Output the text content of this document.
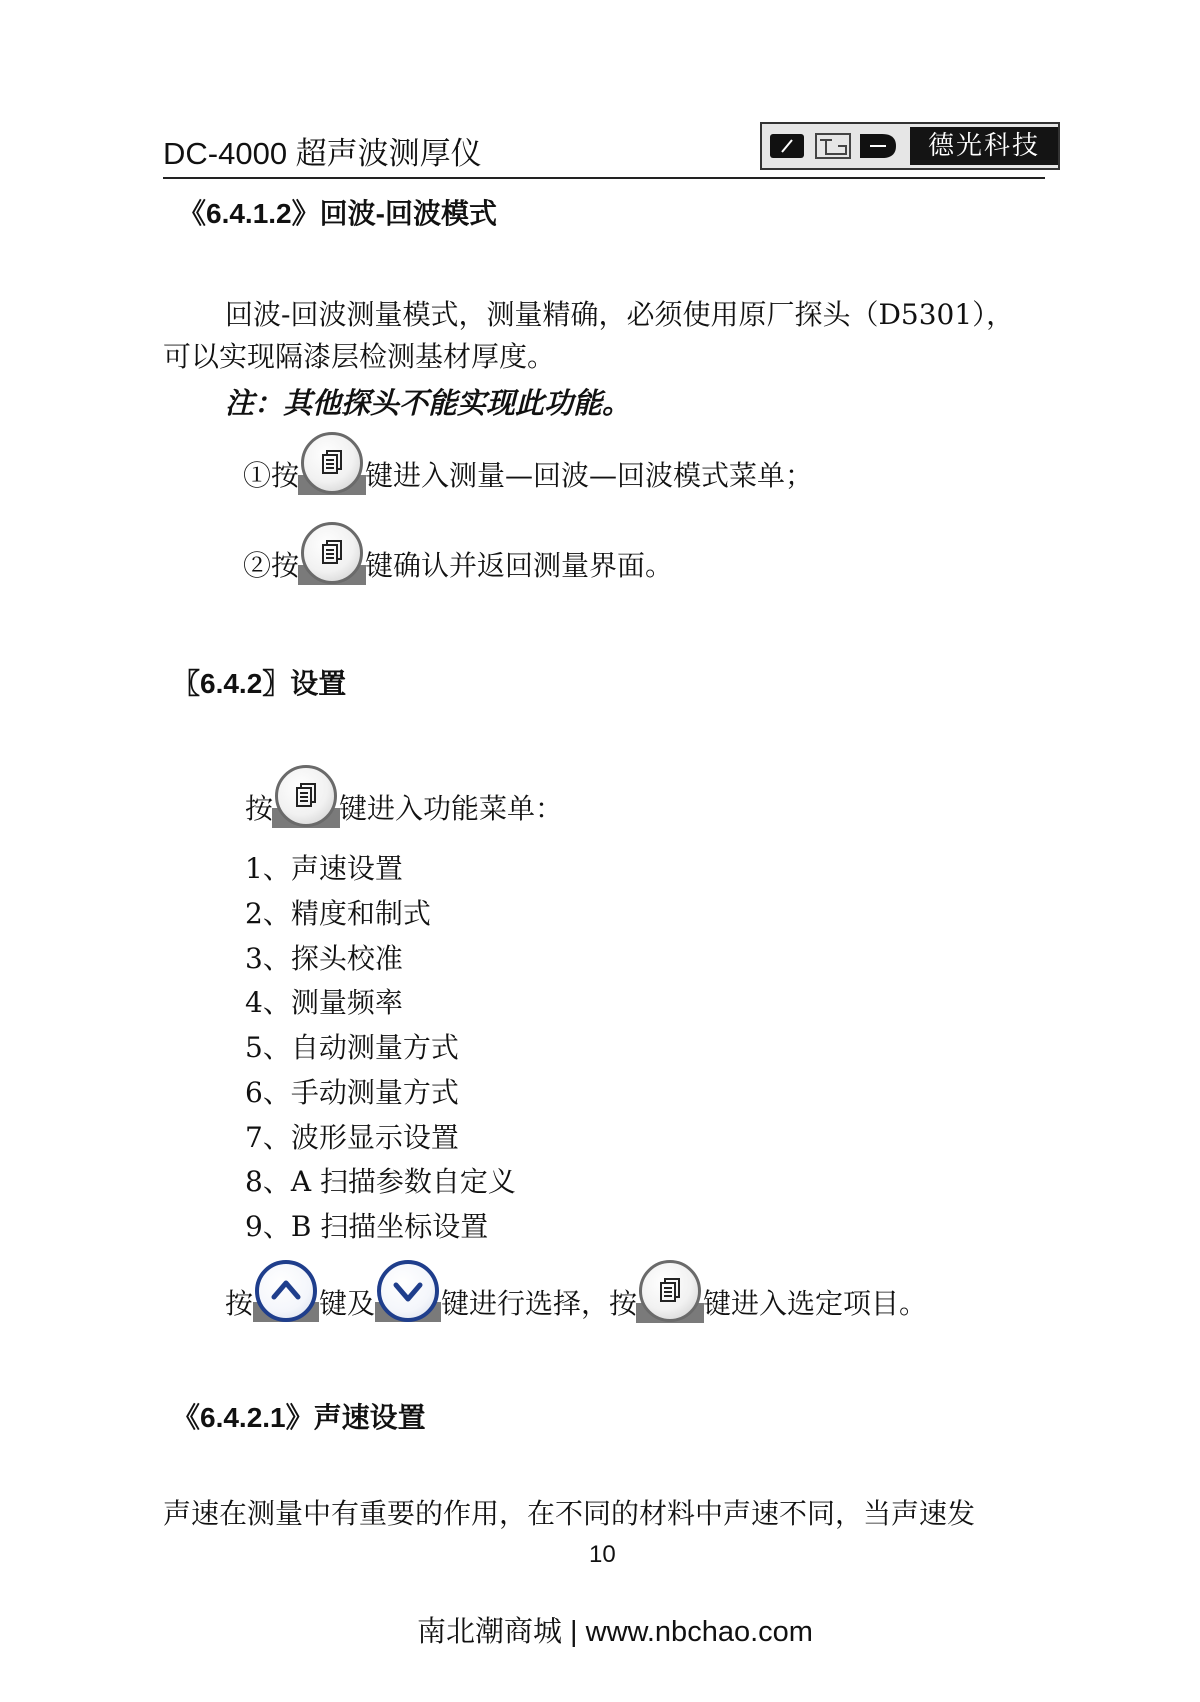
DC-4000 超声波测厚仪	德光科技
《6.4.1.2》回波-回波模式
回波-回波测量模式，测量精确，必须使用原厂探头（D5301），
可以实现隔漆层检测基材厚度。
注：其他探头不能实现此功能。
①按 键进入测量—回波—回波模式菜单；
②按 键确认并返回测量界面。
〖6.4.2〗设置
按 键进入功能菜单：
1、声速设置
2、精度和制式
3、探头校准
4、测量频率
5、自动测量方式
6、手动测量方式
7、波形显示设置
8、A 扫描参数自定义
9、B 扫描坐标设置
按 键及 键进行选择，按 键进入选定项目。
《6.4.2.1》声速设置
声速在测量中有重要的作用，在不同的材料中声速不同，当声速发
10
南北潮商城 | www.nbchao.com
